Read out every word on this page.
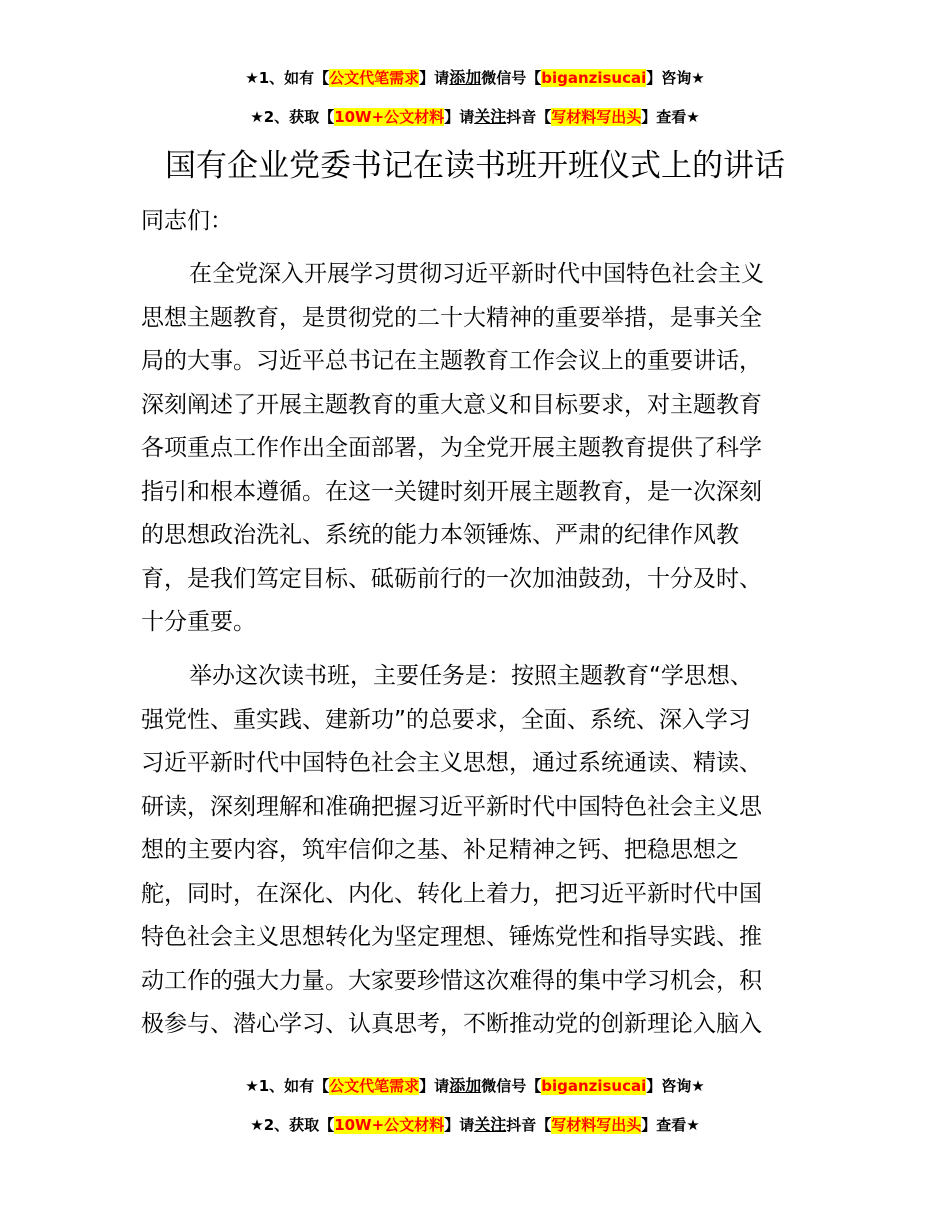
★1、如有【公文代笔需求】请添加微信号【biganzisucai】咨询★
★2、获取【10W+公文材料】请关注抖音【写材料写出头】查看★
国有企业党委书记在读书班开班仪式上的讲话
同志们：
在全党深入开展学习贯彻习近平新时代中国特色社会主义
思想主题教育，是贯彻党的二十大精神的重要举措，是事关全
局的大事。习近平总书记在主题教育工作会议上的重要讲话，
深刻阐述了开展主题教育的重大意义和目标要求，对主题教育
各项重点工作作出全面部署，为全党开展主题教育提供了科学
指引和根本遵循。在这一关键时刻开展主题教育，是一次深刻
的思想政治洗礼、系统的能力本领锤炼、严肃的纪律作风教
育，是我们笃定目标、砥砺前行的一次加油鼓劲，十分及时、
十分重要。
举办这次读书班，主要任务是：按照主题教育“学思想、
强党性、重实践、建新功”的总要求，全面、系统、深入学习
习近平新时代中国特色社会主义思想，通过系统通读、精读、
研读，深刻理解和准确把握习近平新时代中国特色社会主义思
想的主要内容，筑牢信仰之基、补足精神之钙、把稳思想之
舵，同时，在深化、内化、转化上着力，把习近平新时代中国
特色社会主义思想转化为坚定理想、锤炼党性和指导实践、推
动工作的强大力量。大家要珍惜这次难得的集中学习机会，积
极参与、潜心学习、认真思考，不断推动党的创新理论入脑入
★1、如有【公文代笔需求】请添加微信号【biganzisucai】咨询★
★2、获取【10W+公文材料】请关注抖音【写材料写出头】查看★
